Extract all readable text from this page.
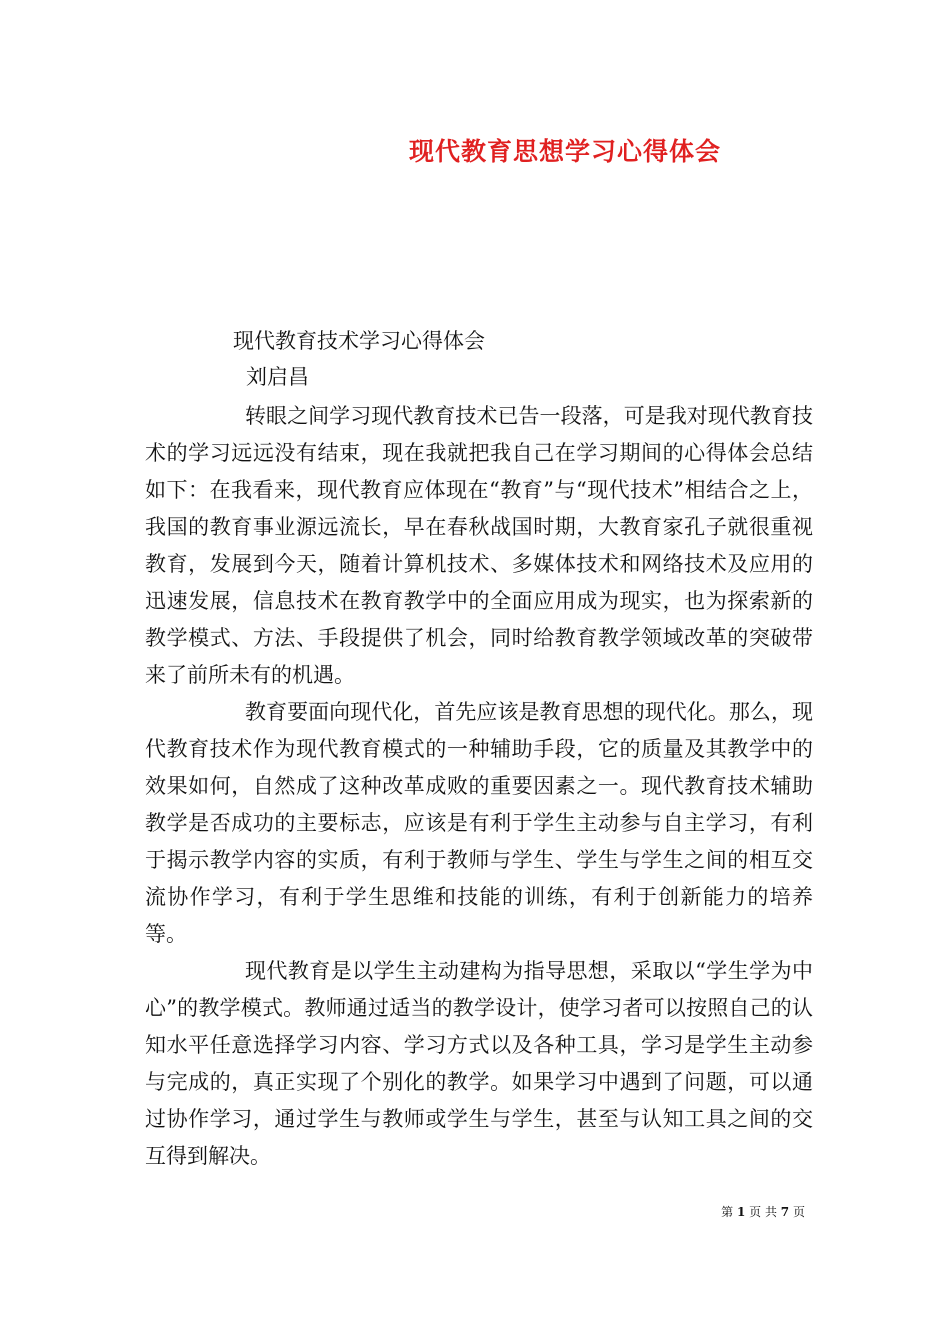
现代教育思想学习心得体会
现代教育技术学习心得体会
刘启昌

转眼之间学习现代教育技术已告一段落，可是我对现代教育技术的学习远远没有结束，现在我就把我自己在学习期间的心得体会总结如下：在我看来，现代教育应体现在“教育”与“现代技术”相结合之上，我国的教育事业源远流长，早在春秋战国时期，大教育家孔子就很重视教育，发展到今天，随着计算机技术、多媒体技术和网络技术及应用的迅速发展，信息技术在教育教学中的全面应用成为现实，也为探索新的教学模式、方法、手段提供了机会，同时给教育教学领域改革的突破带来了前所未有的机遇。

教育要面向现代化，首先应该是教育思想的现代化。那么，现代教育技术作为现代教育模式的一种辅助手段，它的质量及其教学中的效果如何，自然成了这种改革成败的重要因素之一。现代教育技术辅助教学是否成功的主要标志，应该是有利于学生主动参与自主学习，有利于揭示教学内容的实质，有利于教师与学生、学生与学生之间的相互交流协作学习，有利于学生思维和技能的训练，有利于创新能力的培养等。

现代教育是以学生主动建构为指导思想，采取以“学生学为中心”的教学模式。教师通过适当的教学设计，使学习者可以按照自己的认知水平任意选择学习内容、学习方式以及各种工具，学习是学生主动参与完成的，真正实现了个别化的教学。如果学习中遇到了问题，可以通过协作学习，通过学生与教师或学生与学生，甚至与认知工具之间的交互得到解决。

第 1 页 共 7 页
